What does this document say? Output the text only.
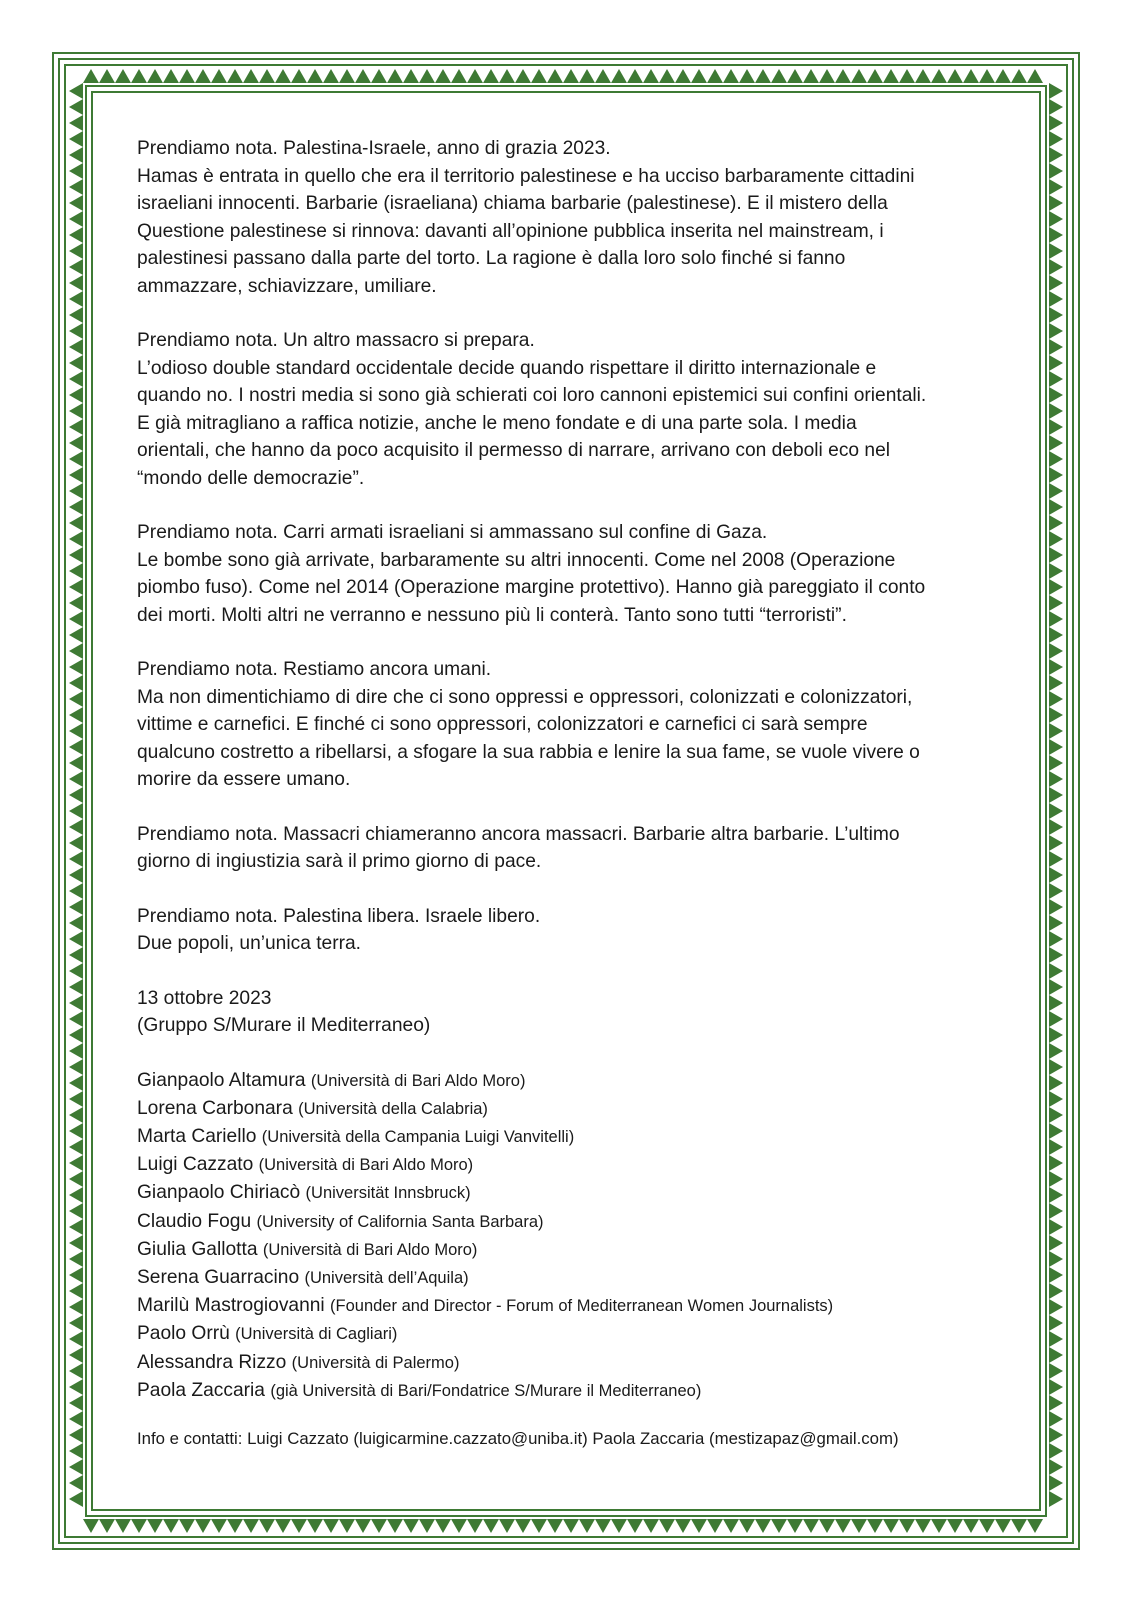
Prendiamo nota. Palestina-Israele, anno di grazia 2023.
Hamas è entrata in quello che era il territorio palestinese e ha ucciso barbaramente cittadini
israeliani innocenti. Barbarie (israeliana) chiama barbarie (palestinese). E il mistero della
Questione palestinese si rinnova: davanti all’opinione pubblica inserita nel mainstream, i
palestinesi passano dalla parte del torto. La ragione è dalla loro solo finché si fanno
ammazzare, schiavizzare, umiliare.
Prendiamo nota. Un altro massacro si prepara.
L’odioso double standard occidentale decide quando rispettare il diritto internazionale e
quando no. I nostri media si sono già schierati coi loro cannoni epistemici sui confini orientali.
E già mitragliano a raffica notizie, anche le meno fondate e di una parte sola. I media
orientali, che hanno da poco acquisito il permesso di narrare, arrivano con deboli eco nel
“mondo delle democrazie”.
Prendiamo nota. Carri armati israeliani si ammassano sul confine di Gaza.
Le bombe sono già arrivate, barbaramente su altri innocenti. Come nel 2008 (Operazione
piombo fuso). Come nel 2014 (Operazione margine protettivo). Hanno già pareggiato il conto
dei morti. Molti altri ne verranno e nessuno più li conterà. Tanto sono tutti “terroristi”.
Prendiamo nota. Restiamo ancora umani.
Ma non dimentichiamo di dire che ci sono oppressi e oppressori, colonizzati e colonizzatori,
vittime e carnefici. E finché ci sono oppressori, colonizzatori e carnefici ci sarà sempre
qualcuno costretto a ribellarsi, a sfogare la sua rabbia e lenire la sua fame, se vuole vivere o
morire da essere umano.
Prendiamo nota. Massacri chiameranno ancora massacri. Barbarie altra barbarie. L’ultimo
giorno di ingiustizia sarà il primo giorno di pace.
Prendiamo nota. Palestina libera. Israele libero.
Due popoli, un’unica terra.
13 ottobre 2023
(Gruppo S/Murare il Mediterraneo)
Gianpaolo Altamura (Università di Bari Aldo Moro)
Lorena Carbonara (Università della Calabria)
Marta Cariello (Università della Campania Luigi Vanvitelli)
Luigi Cazzato (Università di Bari Aldo Moro)
Gianpaolo Chiriacò (Universität Innsbruck)
Claudio Fogu (University of California Santa Barbara)
Giulia Gallotta (Università di Bari Aldo Moro)
Serena Guarracino (Università dell’Aquila)
Marilù Mastrogiovanni (Founder and Director - Forum of Mediterranean Women Journalists)
Paolo Orrù (Università di Cagliari)
Alessandra Rizzo (Università di Palermo)
Paola Zaccaria (già Università di Bari/Fondatrice S/Murare il Mediterraneo)
Info e contatti: Luigi Cazzato (luigicarmine.cazzato@uniba.it) Paola Zaccaria (mestizapaz@gmail.com)
